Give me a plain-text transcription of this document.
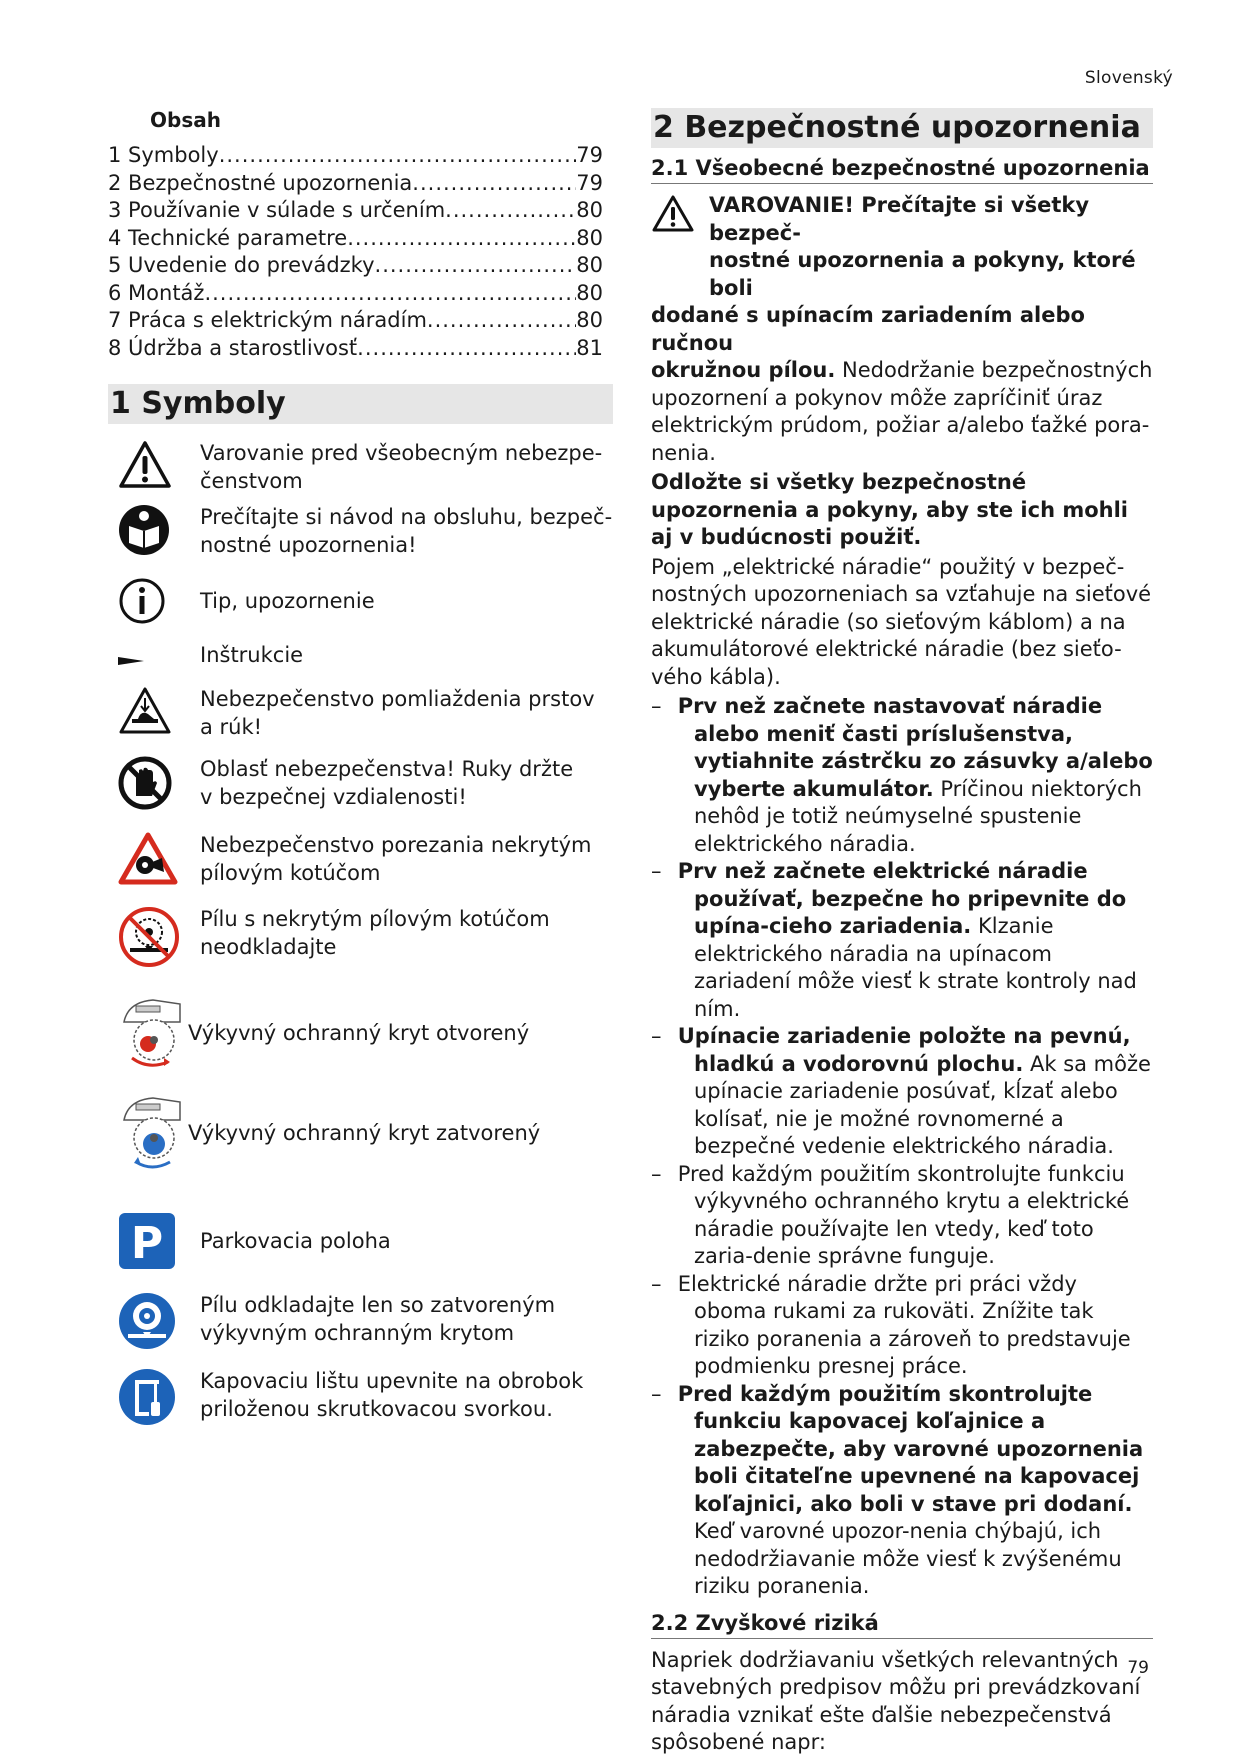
Slovenský
Obsah
1 Symboly .....	79
2 Bezpečnostné upozornenia .....	79
3 Používanie v súlade s určením .....	80
4 Technické parametre .....	80
5 Uvedenie do prevádzky .....	80
6 Montáž .....	80
7 Práca s elektrickým náradím .....	80
8 Údržba a starostlivosť .....	81
1 Symboly
Varovanie pred všeobecným nebezpe-
čenstvom
Prečítajte si návod na obsluhu, bezpeč-
nostné upozornenia!
Tip, upozornenie
Inštrukcie
Nebezpečenstvo pomliaždenia prstov
a rúk!
Oblasť nebezpečenstva! Ruky držte
v bezpečnej vzdialenosti!
Nebezpečenstvo porezania nekrytým
pílovým kotúčom
Pílu s nekrytým pílovým kotúčom
neodkladajte
Výkyvný ochranný kryt otvorený
Výkyvný ochranný kryt zatvorený
P Parkovacia poloha
Pílu odkladajte len so zatvoreným
výkyvným ochranným krytom
Kapovaciu lištu upevnite na obrobok
priloženou skrutkovacou svorkou.
2 Bezpečnostné upozornenia
2.1 Všeobecné bezpečnostné upozornenia

VAROVANIE! Prečítajte si všetky bezpeč-
nostné upozornenia a pokyny, ktoré boli
dodané s upínacím zariadením alebo ručnou
okružnou pílou. Nedodržanie bezpečnostných upozornení a pokynov môže zapríčiniť úraz elektrickým prúdom, požiar a/alebo ťažké pora-nenia.

Odložte si všetky bezpečnostné upozornenia a pokyny, aby ste ich mohli aj v budúcnosti použiť.

Pojem „elektrické náradie“ použitý v bezpeč-nostných upozorneniach sa vzťahuje na sieťové elektrické náradie (so sieťovým káblom) a na akumulátorové elektrické náradie (bez sieťo-vého kábla).

– Prv než začnete nastavovať náradie alebo meniť časti príslušenstva, vytiahnite zástrčku zo zásuvky a/alebo vyberte akumulátor. Príčinou niektorých nehôd je totiž neúmyselné spustenie elektrického náradia.

– Prv než začnete elektrické náradie používať, bezpečne ho pripevnite do upína-cieho zariadenia. Klzanie elektrického náradia na upínacom zariadení môže viesť k strate kontroly nad ním.

– Upínacie zariadenie položte na pevnú, hladkú a vodorovnú plochu. Ak sa môže upínacie zariadenie posúvať, kĺzať alebo kolísať, nie je možné rovnomerné a bezpečné vedenie elektrického náradia.

– Pred každým použitím skontrolujte funkciu výkyvného ochranného krytu a elektrické náradie používajte len vtedy, keď toto zaria-denie správne funguje.

– Elektrické náradie držte pri práci vždy oboma rukami za rukoväti. Znížite tak riziko poranenia a zároveň to predstavuje podmienku presnej práce.

– Pred každým použitím skontrolujte funkciu kapovacej koľajnice a zabezpečte, aby varovné upozornenia boli čitateľne upevnené na kapovacej koľajnici, ako boli v stave pri dodaní. Keď varovné upozor-nenia chýbajú, ich nedodržiavanie môže viesť k zvýšenému riziku poranenia.

2.2 Zvyškové riziká

Napriek dodržiavaniu všetkých relevantných stavebných predpisov môžu pri prevádzkovaní náradia vznikať ešte ďalšie nebezpečenstvá spôsobené napr:

79
